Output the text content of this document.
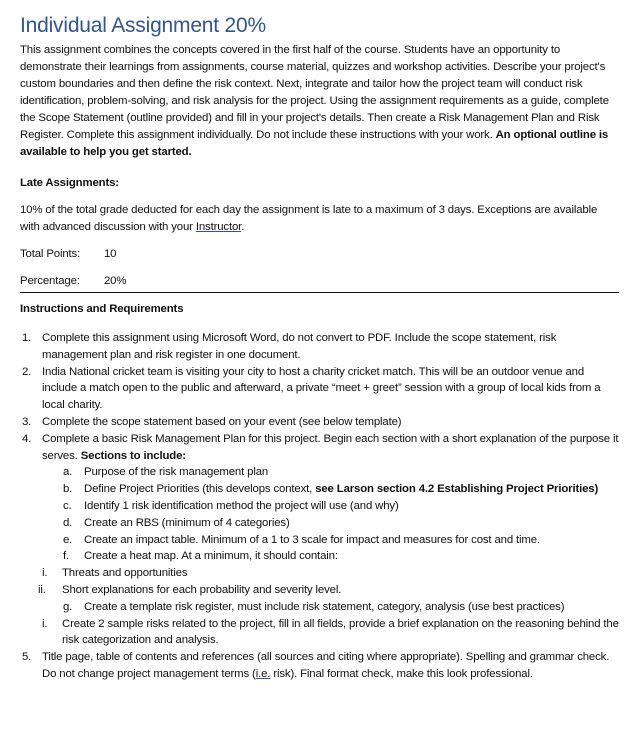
Individual Assignment 20%

This assignment combines the concepts covered in the first half of the course. Students have an opportunity to demonstrate their learnings from assignments, course material, quizzes and workshop activities. Describe your project's custom boundaries and then define the risk context. Next, integrate and tailor how the project team will conduct risk identification, problem-solving, and risk analysis for the project. Using the assignment requirements as a guide, complete the Scope Statement (outline provided) and fill in your project's details. Then create a Risk Management Plan and Risk Register. Complete this assignment individually. Do not include these instructions with your work. An optional outline is available to help you get started.

Late Assignments:

10% of the total grade deducted for each day the assignment is late to a maximum of 3 days. Exceptions are available with advanced discussion with your Instructor.

Total Points:	10
Percentage:	20%

Instructions and Requirements

1. Complete this assignment using Microsoft Word, do not convert to PDF. Include the scope statement, risk management plan and risk register in one document.
2. India National cricket team is visiting your city to host a charity cricket match. This will be an outdoor venue and include a match open to the public and afterward, a private “meet + greet” session with a group of local kids from a local charity.
3. Complete the scope statement based on your event (see below template)
4. Complete a basic Risk Management Plan for this project. Begin each section with a short explanation of the purpose it serves. Sections to include:
a. Purpose of the risk management plan
b. Define Project Priorities (this develops context, see Larson section 4.2 Establishing Project Priorities)
c. Identify 1 risk identification method the project will use (and why)
d. Create an RBS (minimum of 4 categories)
e. Create an impact table. Minimum of a 1 to 3 scale for impact and measures for cost and time.
f. Create a heat map. At a minimum, it should contain:
i. Threats and opportunities
ii. Short explanations for each probability and severity level.
g. Create a template risk register, must include risk statement, category, analysis (use best practices)
i. Create 2 sample risks related to the project, fill in all fields, provide a brief explanation on the reasoning behind the risk categorization and analysis.
5. Title page, table of contents and references (all sources and citing where appropriate). Spelling and grammar check. Do not change project management terms (i.e. risk). Final format check, make this look professional.
